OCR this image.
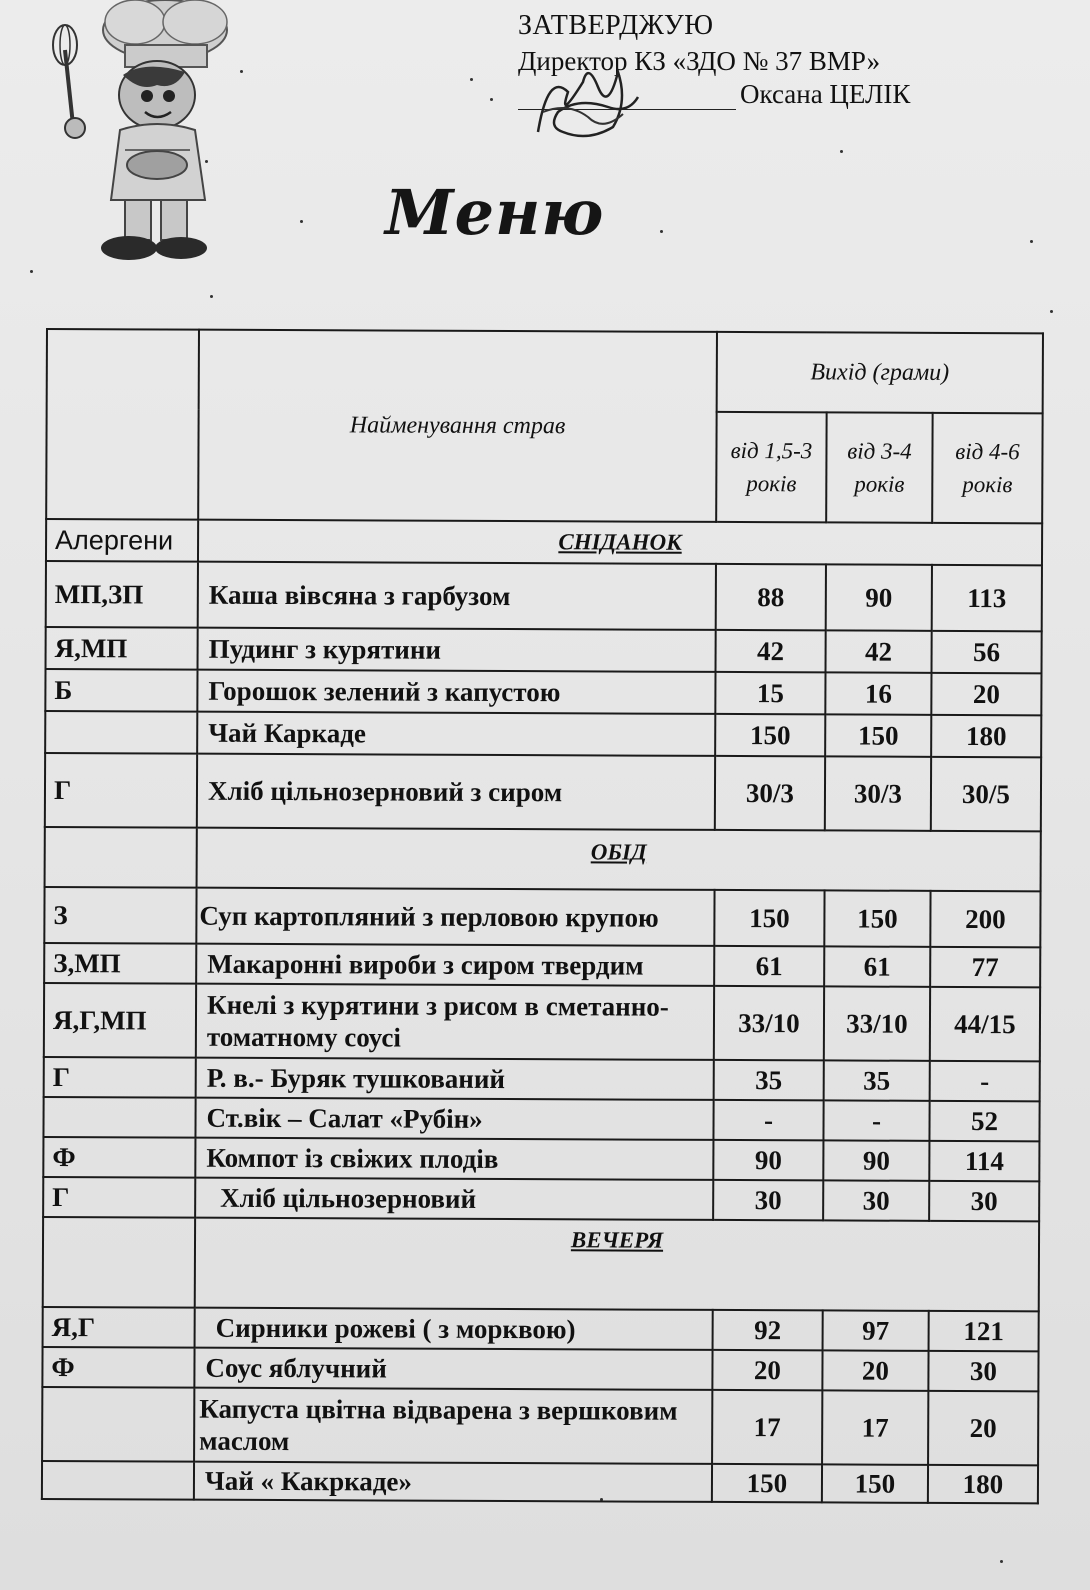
ЗАТВЕРДЖУЮ
Директор КЗ «ЗДО № 37 ВМР»
Оксана ЦЕЛІК
Меню
	Найменування страв	Вихід (грами)		
		від 1,5-3 років	від 3-4 років	від 4-6 років
Алергени	СНІДАНОК			
МП,ЗП	Каша вівсяна з гарбузом	88	90	113
Я,МП	Пудинг з курятини	42	42	56
Б	Горошок зелений з капустою	15	16	20
	Чай Каркаде	150	150	180
Г	Хліб цільнозерновий з сиром	30/3	30/3	30/5
	ОБІД			
З	Суп картопляний з перловою крупою	150	150	200
З,МП	Макаронні вироби з сиром твердим	61	61	77
Я,Г,МП	Кнелі з курятини з рисом в сметанно-томатному соусі	33/10	33/10	44/15
Г	Р. в.- Буряк тушкований	35	35	-
	Ст.вік – Салат «Рубін»	-	-	52
Ф	Компот із свіжих плодів	90	90	114
Г	Хліб цільнозерновий	30	30	30
	ВЕЧЕРЯ			
Я,Г	Сирники рожеві ( з морквою)	92	97	121
Ф	Соус яблучний	20	20	30
	Капуста цвітна відварена з вершковим маслом	17	17	20
	Чай « Какркаде»	150	150	180
